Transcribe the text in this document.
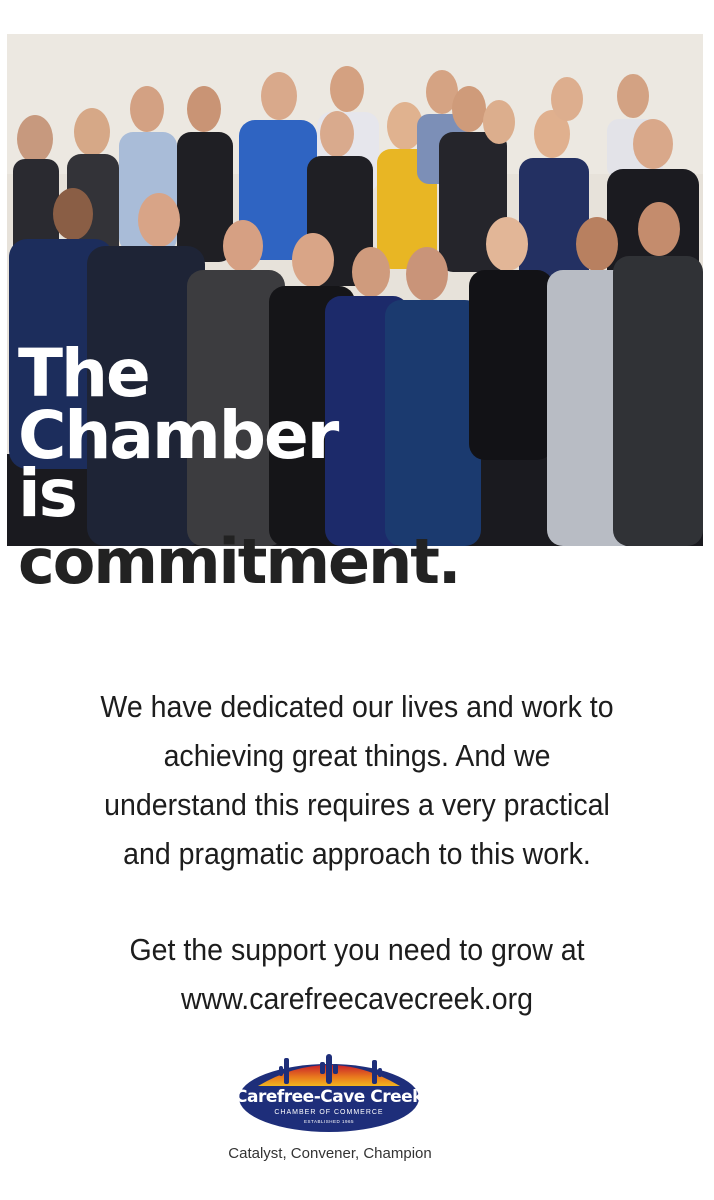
The
Chamber
is
commitment.

We have dedicated our lives and work to achieving great things. And we understand this requires a very practical and pragmatic approach to this work.

Get the support you need to grow at www.carefreecavecreek.org

Carefree-Cave Creek
CHAMBER OF COMMERCE
ESTABLISHED 1965

Catalyst, Convener, Champion
